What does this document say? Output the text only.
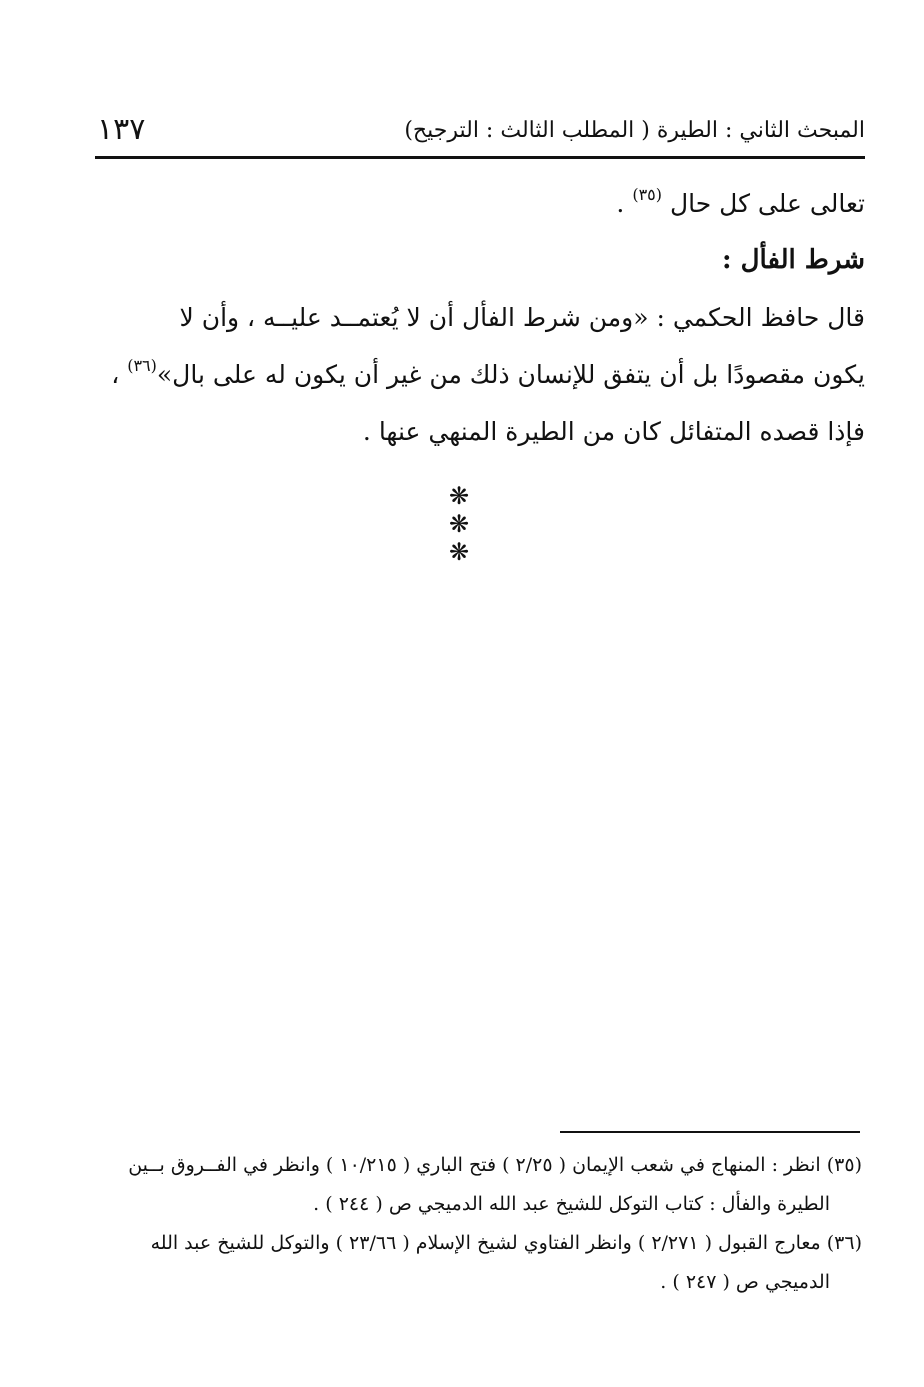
١٣٧	المبحث الثاني : الطيرة ( المطلب الثالث : الترجيح)
تعالى على كل حال $^{(٣٥)}$ .
شرط الفأل :
قال حافظ الحكمي : «ومن شرط الفأل أن لا يُعتمــد عليــه ، وأن لا
يكون مقصودًا بل أن يتفق للإنسان ذلك من غير أن يكون له على بال»$^{(٣٦)}$ ،
فإذا قصده المتفائل كان من الطيرة المنهي عنها .
❋ ❋ ❋
(٣٥) انظر : المنهاج في شعب الإيمان ( ٢/٢٥ ) فتح الباري ( ١٠/٢١٥ ) وانظر في الفــروق بــين
الطيرة والفأل : كتاب التوكل للشيخ عبد الله الدميجي ص ( ٢٤٤ ) .
(٣٦) معارج القبول ( ٢/٢٧١ ) وانظر الفتاوي لشيخ الإسلام ( ٢٣/٦٦ ) والتوكل للشيخ عبد الله
الدميجي ص ( ٢٤٧ ) .
